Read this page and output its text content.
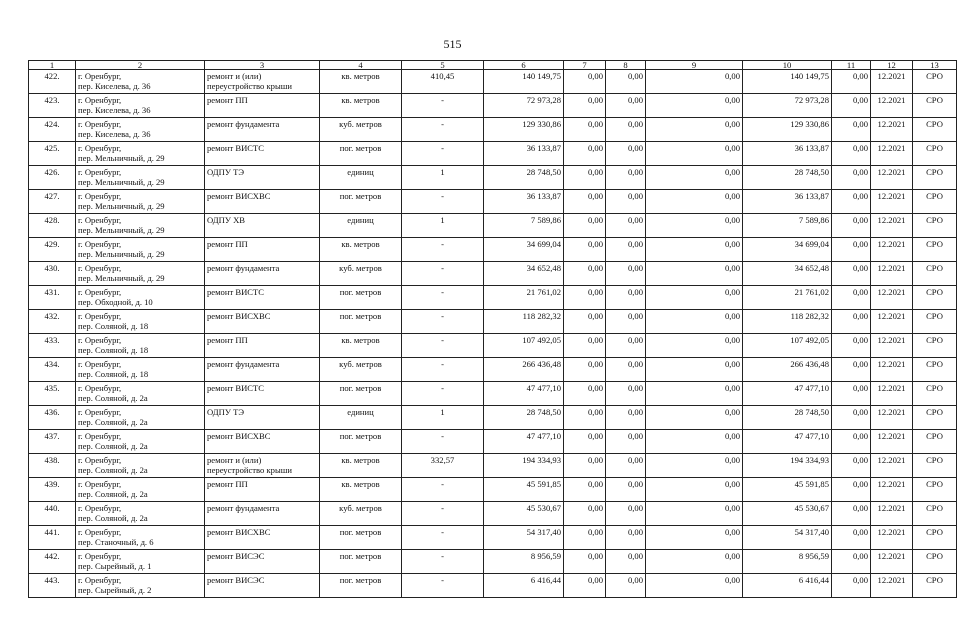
515
1	2	3	4	5	6	7	8	9	10	11	12	13
422.	г. Оренбург,
пер. Киселева, д. 36	ремонт и (или)
переустройство крыши	кв. метров	410,45	140 149,75	0,00	0,00	0,00	140 149,75	0,00	12.2021	СРО
423.	г. Оренбург,
пер. Киселева, д. 36	ремонт ПП	кв. метров	-	72 973,28	0,00	0,00	0,00	72 973,28	0,00	12.2021	СРО
424.	г. Оренбург,
пер. Киселева, д. 36	ремонт фундамента	куб. метров	-	129 330,86	0,00	0,00	0,00	129 330,86	0,00	12.2021	СРО
425.	г. Оренбург,
пер. Мельничный, д. 29	ремонт ВИСТС	пог. метров	-	36 133,87	0,00	0,00	0,00	36 133,87	0,00	12.2021	СРО
426.	г. Оренбург,
пер. Мельничный, д. 29	ОДПУ ТЭ	единиц	1	28 748,50	0,00	0,00	0,00	28 748,50	0,00	12.2021	СРО
427.	г. Оренбург,
пер. Мельничный, д. 29	ремонт ВИСХВС	пог. метров	-	36 133,87	0,00	0,00	0,00	36 133,87	0,00	12.2021	СРО
428.	г. Оренбург,
пер. Мельничный, д. 29	ОДПУ ХВ	единиц	1	7 589,86	0,00	0,00	0,00	7 589,86	0,00	12.2021	СРО
429.	г. Оренбург,
пер. Мельничный, д. 29	ремонт ПП	кв. метров	-	34 699,04	0,00	0,00	0,00	34 699,04	0,00	12.2021	СРО
430.	г. Оренбург,
пер. Мельничный, д. 29	ремонт фундамента	куб. метров	-	34 652,48	0,00	0,00	0,00	34 652,48	0,00	12.2021	СРО
431.	г. Оренбург,
пер. Обходной, д. 10	ремонт ВИСТС	пог. метров	-	21 761,02	0,00	0,00	0,00	21 761,02	0,00	12.2021	СРО
432.	г. Оренбург,
пер. Соляной, д. 18	ремонт ВИСХВС	пог. метров	-	118 282,32	0,00	0,00	0,00	118 282,32	0,00	12.2021	СРО
433.	г. Оренбург,
пер. Соляной, д. 18	ремонт ПП	кв. метров	-	107 492,05	0,00	0,00	0,00	107 492,05	0,00	12.2021	СРО
434.	г. Оренбург,
пер. Соляной, д. 18	ремонт фундамента	куб. метров	-	266 436,48	0,00	0,00	0,00	266 436,48	0,00	12.2021	СРО
435.	г. Оренбург,
пер. Соляной, д. 2а	ремонт ВИСТС	пог. метров	-	47 477,10	0,00	0,00	0,00	47 477,10	0,00	12.2021	СРО
436.	г. Оренбург,
пер. Соляной, д. 2а	ОДПУ ТЭ	единиц	1	28 748,50	0,00	0,00	0,00	28 748,50	0,00	12.2021	СРО
437.	г. Оренбург,
пер. Соляной, д. 2а	ремонт ВИСХВС	пог. метров	-	47 477,10	0,00	0,00	0,00	47 477,10	0,00	12.2021	СРО
438.	г. Оренбург,
пер. Соляной, д. 2а	ремонт и (или)
переустройство крыши	кв. метров	332,57	194 334,93	0,00	0,00	0,00	194 334,93	0,00	12.2021	СРО
439.	г. Оренбург,
пер. Соляной, д. 2а	ремонт ПП	кв. метров	-	45 591,85	0,00	0,00	0,00	45 591,85	0,00	12.2021	СРО
440.	г. Оренбург,
пер. Соляной, д. 2а	ремонт фундамента	куб. метров	-	45 530,67	0,00	0,00	0,00	45 530,67	0,00	12.2021	СРО
441.	г. Оренбург,
пер. Станочный, д. 6	ремонт ВИСХВС	пог. метров	-	54 317,40	0,00	0,00	0,00	54 317,40	0,00	12.2021	СРО
442.	г. Оренбург,
пер. Сырейный, д. 1	ремонт ВИСЭС	пог. метров	-	8 956,59	0,00	0,00	0,00	8 956,59	0,00	12.2021	СРО
443.	г. Оренбург,
пер. Сырейный, д. 2	ремонт ВИСЭС	пог. метров	-	6 416,44	0,00	0,00	0,00	6 416,44	0,00	12.2021	СРО
